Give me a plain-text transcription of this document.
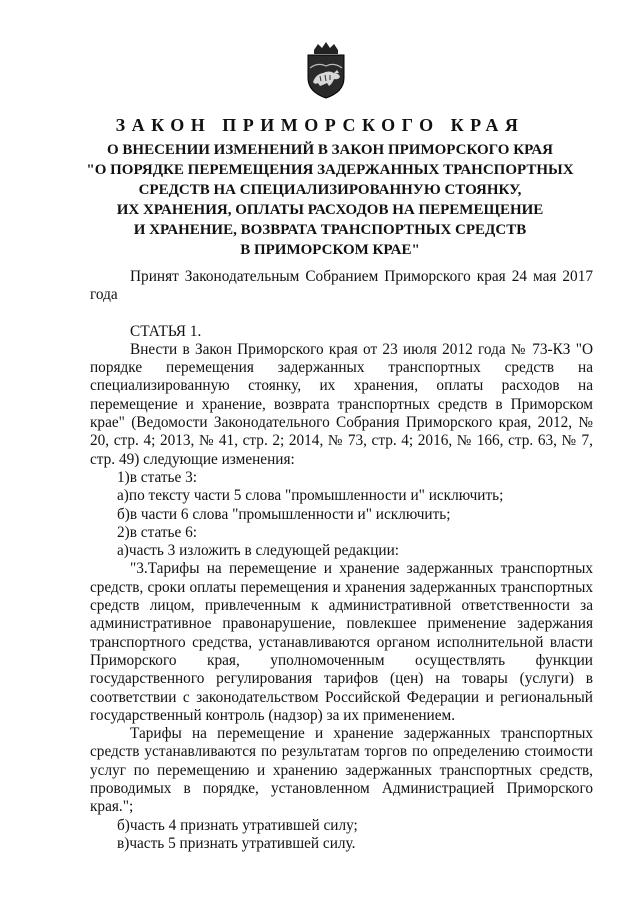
ЗАКОН ПРИМОРСКОГО КРАЯ
О ВНЕСЕНИИ ИЗМЕНЕНИЙ В ЗАКОН ПРИМОРСКОГО КРАЯ
"О ПОРЯДКЕ ПЕРЕМЕЩЕНИЯ ЗАДЕРЖАННЫХ ТРАНСПОРТНЫХ
СРЕДСТВ НА СПЕЦИАЛИЗИРОВАННУЮ СТОЯНКУ,
ИХ ХРАНЕНИЯ, ОПЛАТЫ РАСХОДОВ НА ПЕРЕМЕЩЕНИЕ
И ХРАНЕНИЕ, ВОЗВРАТА ТРАНСПОРТНЫХ СРЕДСТВ
В ПРИМОРСКОМ КРАЕ"

Принят Законодательным Собранием Приморского края 24 мая 2017 года

СТАТЬЯ 1.

Внести в Закон Приморского края от 23 июля 2012 года № 73-КЗ "О порядке перемещения задержанных транспортных средств на специализированную стоянку, их хранения, оплаты расходов на перемещение и хранение, возврата транспортных средств в Приморском крае" (Ведомости Законодательного Собрания Приморского края, 2012, № 20, стр. 4; 2013, № 41, стр. 2; 2014, № 73, стр. 4; 2016, № 166, стр. 63, № 7, стр. 49) следующие изменения:

1)в статье 3:

а)по тексту части 5 слова "промышленности и" исключить;

б)в части 6 слова "промышленности и" исключить;

2)в статье 6:

а)часть 3 изложить в следующей редакции:

"3.Тарифы на перемещение и хранение задержанных транспортных средств, сроки оплаты перемещения и хранения задержанных транспортных средств лицом, привлеченным к административной ответственности за административное правонарушение, повлекшее применение задержания транспортного средства, устанавливаются органом исполнительной власти Приморского края, уполномоченным осуществлять функции государственного регулирования тарифов (цен) на товары (услуги) в соответствии с законодательством Российской Федерации и региональный государственный контроль (надзор) за их применением.

Тарифы на перемещение и хранение задержанных транспортных средств устанавливаются по результатам торгов по определению стоимости услуг по перемещению и хранению задержанных транспортных средств, проводимых в порядке, установленном Администрацией Приморского края.";

б)часть 4 признать утратившей силу;

в)часть 5 признать утратившей силу.
